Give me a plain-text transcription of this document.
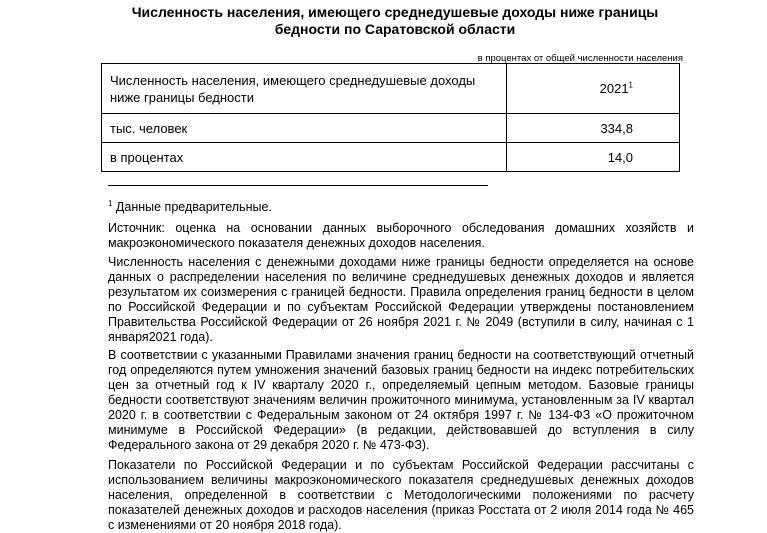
Численность населения, имеющего среднедушевые доходы ниже границы бедности по Саратовской области
в процентах от общей численности населения
Численность населения, имеющего среднедушевые доходы ниже границы бедности	2021$^1$
тыс. человек	334,8
в процентах	14,0
$^1$ Данные предварительные.

Источник: оценка на основании данных выборочного обследования домашних хозяйств и макроэкономического показателя денежных доходов населения.

Численность населения с денежными доходами ниже границы бедности определяется на основе данных о распределении населения по величине среднедушевых денежных доходов и является результатом их соизмерения с границей бедности. Правила определения границ бедности в целом по Российской Федерации и по субъектам Российской Федерации утверждены постановлением Правительства Российской Федерации от 26 ноября 2021 г. № 2049 (вступили в силу, начиная с 1 января2021 года).

В соответствии с указанными Правилами значения границ бедности на соответствующий отчетный год определяются путем умножения значений базовых границ бедности на индекс потребительских цен за отчетный год к IV кварталу 2020 г., определяемый цепным методом. Базовые границы бедности соответствуют значениям величин прожиточного минимума, установленным за IV квартал 2020 г. в соответствии с Федеральным законом от 24 октября 1997 г. № 134-ФЗ «О прожиточном минимуме в Российской Федерации» (в редакции, действовавшей до вступления в силу Федерального закона от 29 декабря 2020 г. № 473-ФЗ).

Показатели по Российской Федерации и по субъектам Российской Федерации рассчитаны с использованием величины макроэкономического показателя среднедушевых денежных доходов населения, определенной в соответствии с Методологическими положениями по расчету показателей денежных доходов и расходов населения (приказ Росстата от 2 июля 2014 года № 465 с изменениями от 20 ноября 2018 года).
